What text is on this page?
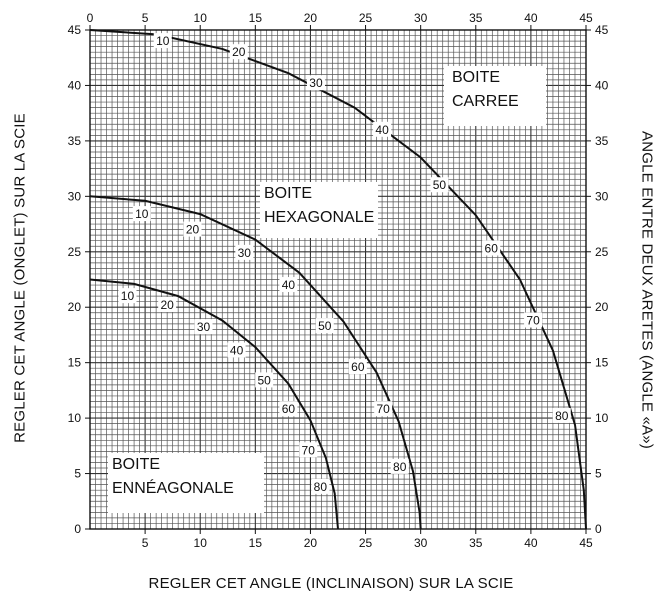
10
20
30
40
50
60
70
80
10
20
30
40
50
60
70
80
10
20
30
40
50
60
70
80
BOITE
CARREE
BOITE
HEXAGONALE
BOITE
ENNÉAGONALE
0	5
5
10
10
15
15
20
20
25
25
30
30
35
35
40
40
45
45
0	0
5	5
10	10
15	15
20	20
25	25
30	30
35	35
40	40
45	45
REGLER CET ANGLE (INCLINAISON) SUR LA SCIE
REGLER CET ANGLE (ONGLET) SUR LA SCIE	ANGLE ENTRE DEUX ARETES (ANGLE «A»)
